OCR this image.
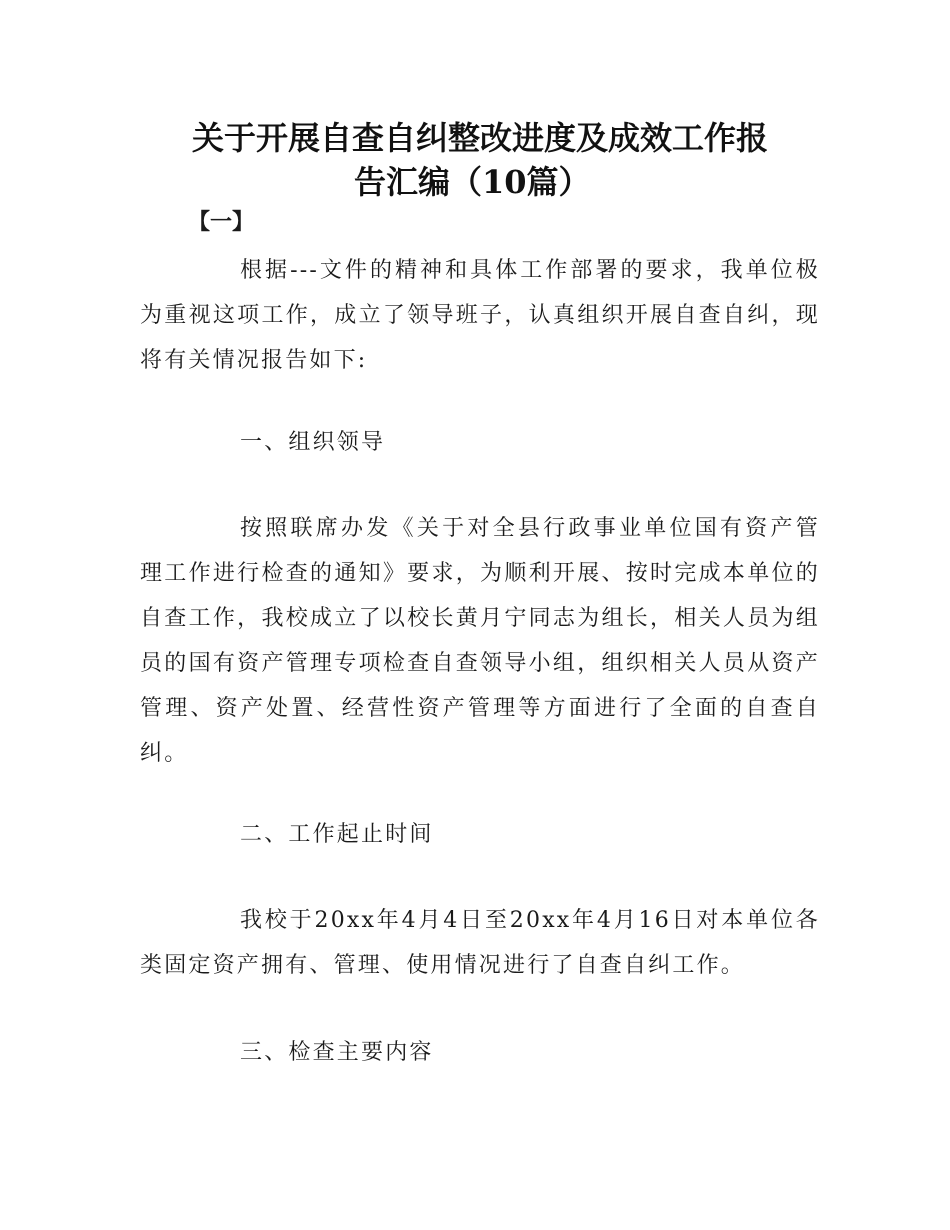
关于开展自查自纠整改进度及成效工作报
告汇编（10篇）
【一】
根据---文件的精神和具体工作部署的要求，我单位极为重视这项工作，成立了领导班子，认真组织开展自查自纠，现将有关情况报告如下:
一、组织领导
按照联席办发《关于对全县行政事业单位国有资产管理工作进行检查的通知》要求，为顺利开展、按时完成本单位的自查工作，我校成立了以校长黄月宁同志为组长，相关人员为组员的国有资产管理专项检查自查领导小组，组织相关人员从资产管理、资产处置、经营性资产管理等方面进行了全面的自查自纠。
二、工作起止时间
我校于20xx年4月4日至20xx年4月16日对本单位各类固定资产拥有、管理、使用情况进行了自查自纠工作。
三、检查主要内容
